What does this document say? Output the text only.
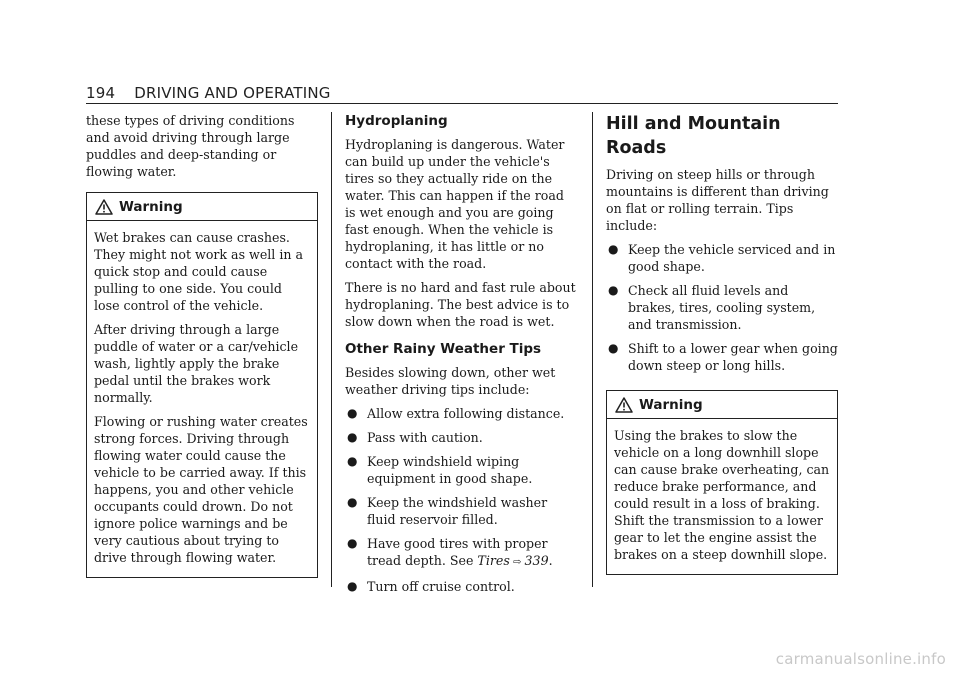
194 DRIVING AND OPERATING

these types of driving conditions and avoid driving through large puddles and deep-standing or flowing water.

Warning

Wet brakes can cause crashes. They might not work as well in a quick stop and could cause pulling to one side. You could lose control of the vehicle.

After driving through a large puddle of water or a car/vehicle wash, lightly apply the brake pedal until the brakes work normally.

Flowing or rushing water creates strong forces. Driving through flowing water could cause the vehicle to be carried away. If this happens, you and other vehicle occupants could drown. Do not ignore police warnings and be very cautious about trying to drive through flowing water.

Hydroplaning

Hydroplaning is dangerous. Water can build up under the vehicle's tires so they actually ride on the water. This can happen if the road is wet enough and you are going fast enough. When the vehicle is hydroplaning, it has little or no contact with the road.

There is no hard and fast rule about hydroplaning. The best advice is to slow down when the road is wet.

Other Rainy Weather Tips

Besides slowing down, other wet weather driving tips include:

● Allow extra following distance.
● Pass with caution.
● Keep windshield wiping equipment in good shape.
● Keep the windshield washer fluid reservoir filled.
● Have good tires with proper tread depth. See Tires ⇨ 339.
● Turn off cruise control.
Hill and Mountain Roads

Driving on steep hills or through mountains is different than driving on flat or rolling terrain. Tips include:

● Keep the vehicle serviced and in good shape.
● Check all fluid levels and brakes, tires, cooling system, and transmission.
● Shift to a lower gear when going down steep or long hills.
Warning

Using the brakes to slow the vehicle on a long downhill slope can cause brake overheating, can reduce brake performance, and could result in a loss of braking. Shift the transmission to a lower gear to let the engine assist the brakes on a steep downhill slope.

carmanualsonline.info
